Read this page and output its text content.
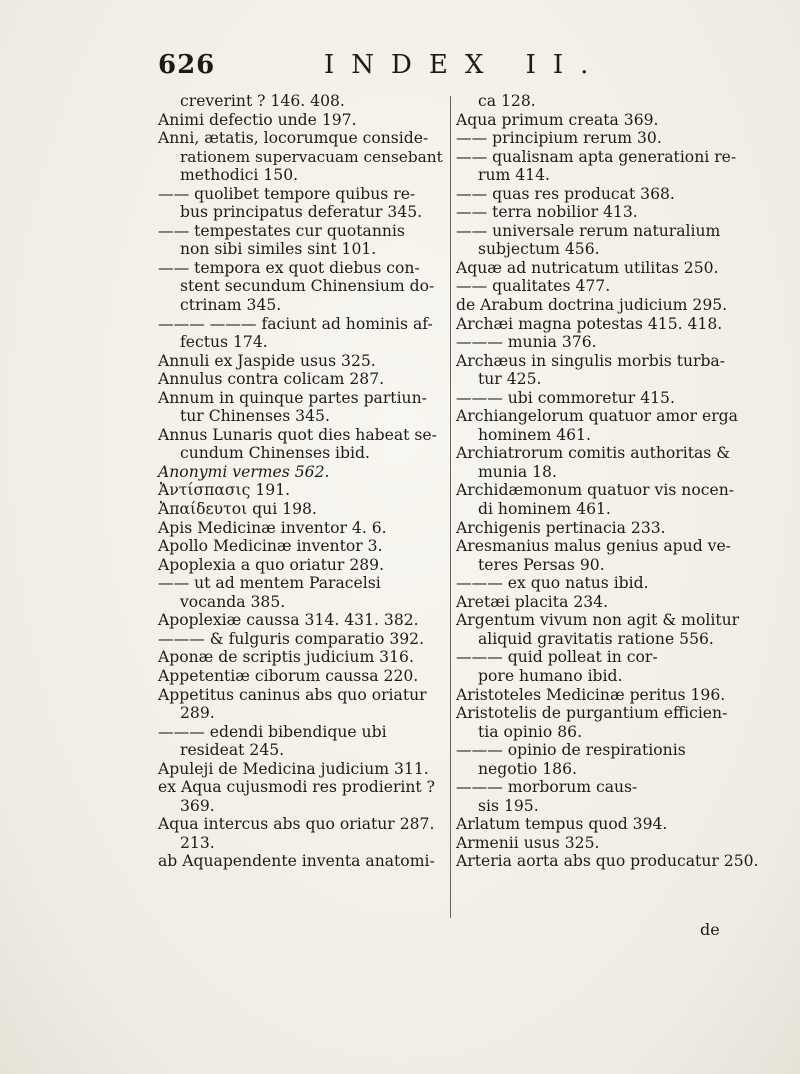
626	INDEX II.
creverint ? 146. 408.
Animi defectio unde 197.
Anni, ætatis, locorumque conside-
rationem supervacuam censebant
methodici 150.
—— quolibet tempore quibus re-
bus principatus deferatur 345.
—— tempestates cur quotannis
non sibi similes sint 101.
—— tempora ex quot diebus con-
stent secundum Chinensium do-
ctrinam 345.
——— ——— faciunt ad hominis af-
fectus 174.
Annuli ex Jaspide usus 325.
Annulus contra colicam 287.
Annum in quinque partes partiun-
tur Chinenses 345.
Annus Lunaris quot dies habeat se-
cundum Chinenses ibid.
Anonymi vermes 562.
Ἀντίσπασις 191.
Ἀπαίδευτοι qui 198.
Apis Medicinæ inventor 4. 6.
Apollo Medicinæ inventor 3.
Apoplexia a quo oriatur 289.
—— ut ad mentem Paracelsi
vocanda 385.
Apoplexiæ caussa 314. 431. 382.
——— & fulguris comparatio 392.
Aponæ de scriptis judicium 316.
Appetentiæ ciborum caussa 220.
Appetitus caninus abs quo oriatur
289.
——— edendi bibendique ubi
resideat 245.
Apuleji de Medicina judicium 311.
ex Aqua cujusmodi res prodierint ?
369.
Aqua intercus abs quo oriatur 287.
213.
ab Aquapendente inventa anatomi-
ca 128.
Aqua primum creata 369.
—— principium rerum 30.
—— qualisnam apta generationi re-
rum 414.
—— quas res producat 368.
—— terra nobilior 413.
—— universale rerum naturalium
subjectum 456.
Aquæ ad nutricatum utilitas 250.
—— qualitates 477.
de Arabum doctrina judicium 295.
Archæi magna potestas 415. 418.
——— munia 376.
Archæus in singulis morbis turba-
tur 425.
——— ubi commoretur 415.
Archiangelorum quatuor amor erga
hominem 461.
Archiatrorum comitis authoritas &
munia 18.
Archidæmonum quatuor vis nocen-
di hominem 461.
Archigenis pertinacia 233.
Aresmanius malus genius apud ve-
teres Persas 90.
——— ex quo natus ibid.
Aretæi placita 234.
Argentum vivum non agit & molitur
aliquid gravitatis ratione 556.
——— quid polleat in cor-
pore humano ibid.
Aristoteles Medicinæ peritus 196.
Aristotelis de purgantium efficien-
tia opinio 86.
——— opinio de respirationis
negotio 186.
——— morborum caus-
sis 195.
Arlatum tempus quod 394.
Armenii usus 325.
Arteria aorta abs quo producatur 250.
de
